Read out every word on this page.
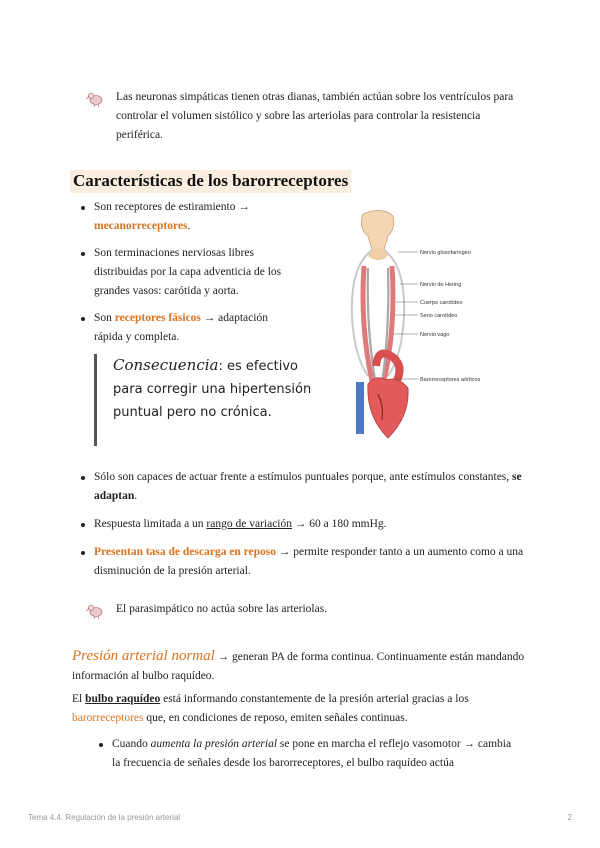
Las neuronas simpáticas tienen otras dianas, también actúan sobre los ventrículos para controlar el volumen sistólico y sobre las arteriolas para controlar la resistencia periférica.
Características de los barorreceptores
Son receptores de estiramiento → mecanorreceptores.
Son terminaciones nerviosas libres distribuidas por la capa adventicia de los grandes vasos: carótida y aorta.
Son receptores fásicos → adaptación rápida y completa.
Consecuencia: es efectivo para corregir una hipertensión puntual pero no crónica.
Nervio glosofaríngeo
Nervio de Hering
Cuerpo carotídeo
Seno carotídeo
Nervio vago
Barorreceptores aórticos
Sólo son capaces de actuar frente a estímulos puntuales porque, ante estímulos constantes, se adaptan.
Respuesta limitada a un rango de variación → 60 a 180 mmHg.
Presentan tasa de descarga en reposo → permite responder tanto a un aumento como a una disminución de la presión arterial.
El parasimpático no actúa sobre las arteriolas.
Presión arterial normal → generan PA de forma continua. Continuamente están mandando información al bulbo raquídeo.
El bulbo raquídeo está informando constantemente de la presión arterial gracias a los barorreceptores que, en condiciones de reposo, emiten señales continuas.
Cuando aumenta la presión arterial se pone en marcha el reflejo vasomotor → cambia la frecuencia de señales desde los barorreceptores, el bulbo raquídeo actúa
Tema 4.4. Regulación de la presión arterial	2
